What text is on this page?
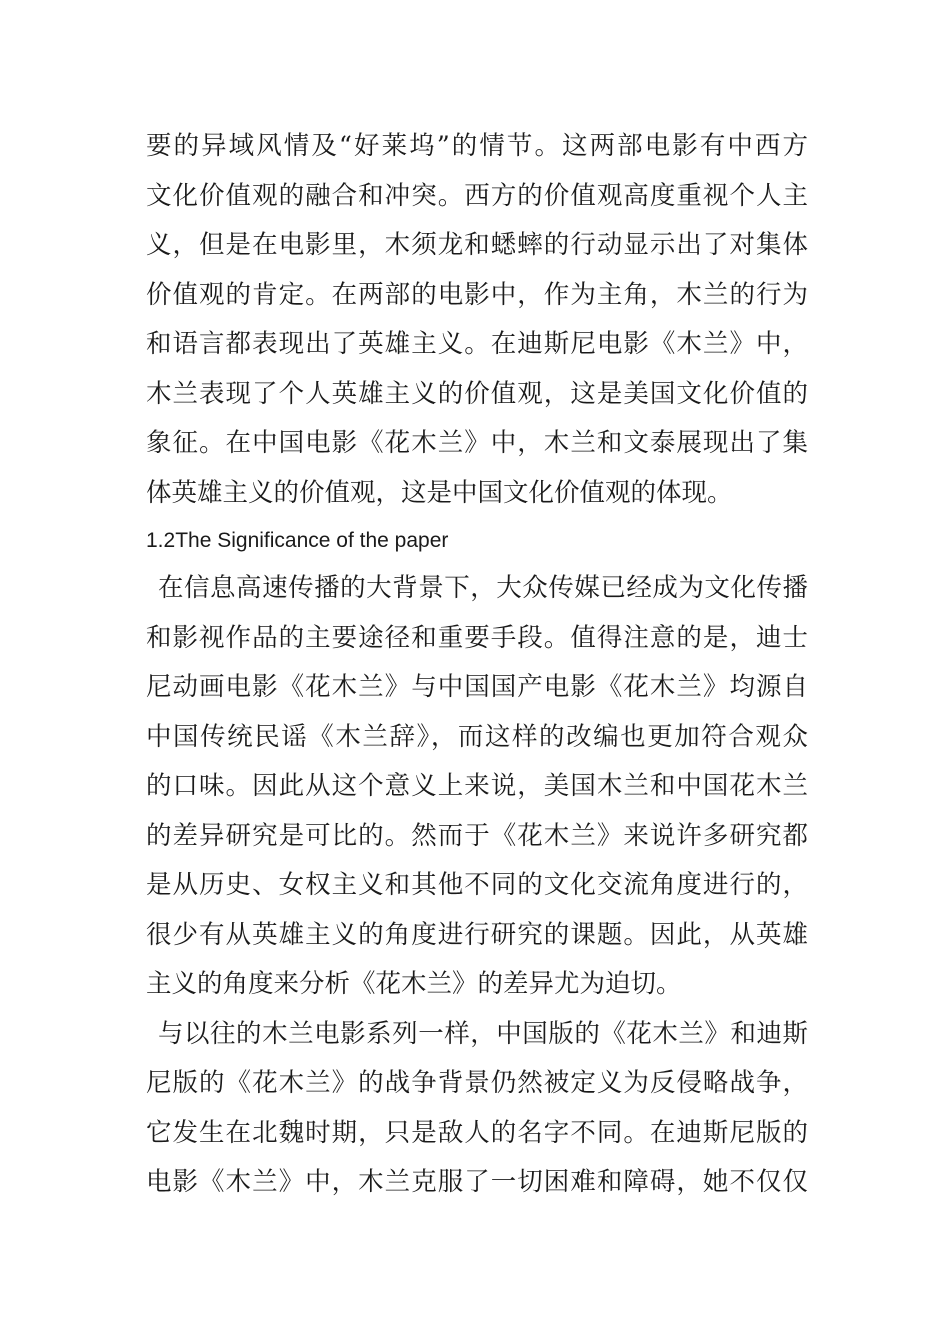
要的异域风情及“好莱坞”的情节。这两部电影有中西方
文化价值观的融合和冲突。西方的价值观高度重视个人主
义，但是在电影里，木须龙和蟋蟀的行动显示出了对集体
价值观的肯定。在两部的电影中，作为主角，木兰的行为
和语言都表现出了英雄主义。在迪斯尼电影《木兰》中，
木兰表现了个人英雄主义的价值观，这是美国文化价值的
象征。在中国电影《花木兰》中，木兰和文泰展现出了集
体英雄主义的价值观，这是中国文化价值观的体现。
1.2The Significance of the paper
在信息高速传播的大背景下，大众传媒已经成为文化传播
和影视作品的主要途径和重要手段。值得注意的是，迪士
尼动画电影《花木兰》与中国国产电影《花木兰》均源自
中国传统民谣《木兰辞》，而这样的改编也更加符合观众
的口味。因此从这个意义上来说，美国木兰和中国花木兰
的差异研究是可比的。然而于《花木兰》来说许多研究都
是从历史、女权主义和其他不同的文化交流角度进行的，
很少有从英雄主义的角度进行研究的课题。因此，从英雄
主义的角度来分析《花木兰》的差异尤为迫切。
与以往的木兰电影系列一样，中国版的《花木兰》和迪斯
尼版的《花木兰》的战争背景仍然被定义为反侵略战争，
它发生在北魏时期，只是敌人的名字不同。在迪斯尼版的
电影《木兰》中，木兰克服了一切困难和障碍，她不仅仅
